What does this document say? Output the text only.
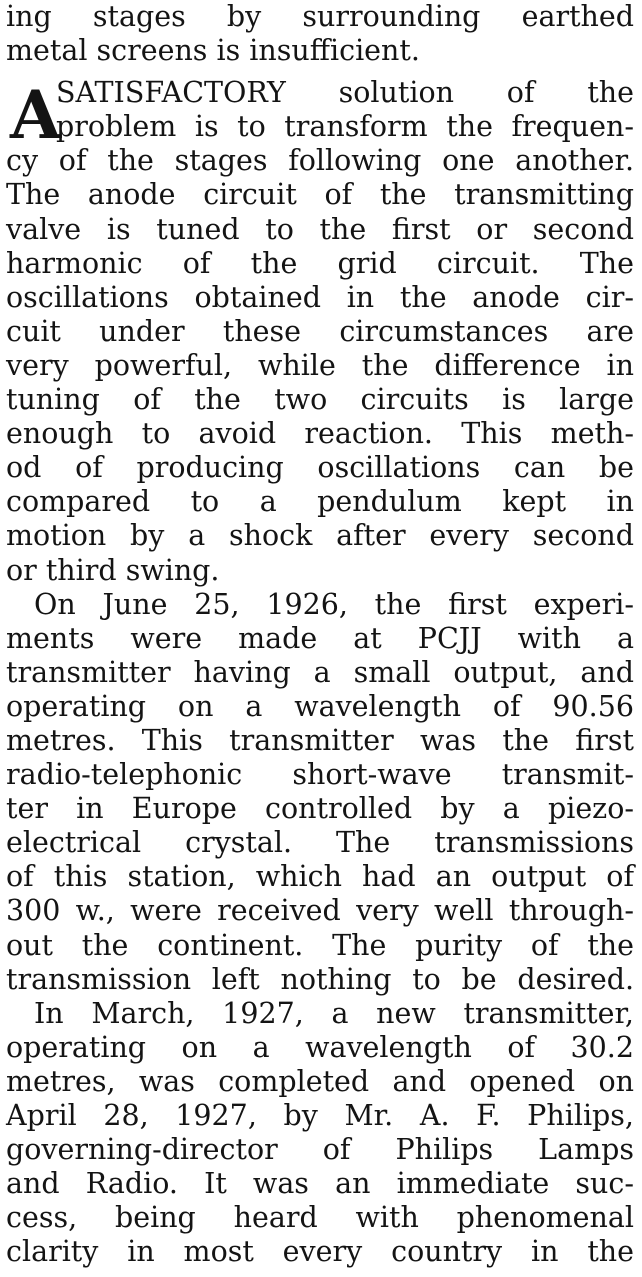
ing stages by surrounding earthed
metal screens is insufficient.
A
SATISFACTORY solution of the
problem is to transform the frequen-
cy of the stages following one another.
The anode circuit of the transmitting
valve is tuned to the first or second
harmonic of the grid circuit. The
oscillations obtained in the anode cir-
cuit under these circumstances are
very powerful, while the difference in
tuning of the two circuits is large
enough to avoid reaction. This meth-
od of producing oscillations can be
compared to a pendulum kept in
motion by a shock after every second
or third swing.
On June 25, 1926, the first experi-
ments were made at PCJJ with a
transmitter having a small output, and
operating on a wavelength of 90.56
metres. This transmitter was the first
radio-telephonic short-wave transmit-
ter in Europe controlled by a piezo-
electrical crystal. The transmissions
of this station, which had an output of
300 w., were received very well through-
out the continent. The purity of the
transmission left nothing to be desired.
In March, 1927, a new transmitter,
operating on a wavelength of 30.2
metres, was completed and opened on
April 28, 1927, by Mr. A. F. Philips,
governing-director of Philips Lamps
and Radio. It was an immediate suc-
cess, being heard with phenomenal
clarity in most every country in the
